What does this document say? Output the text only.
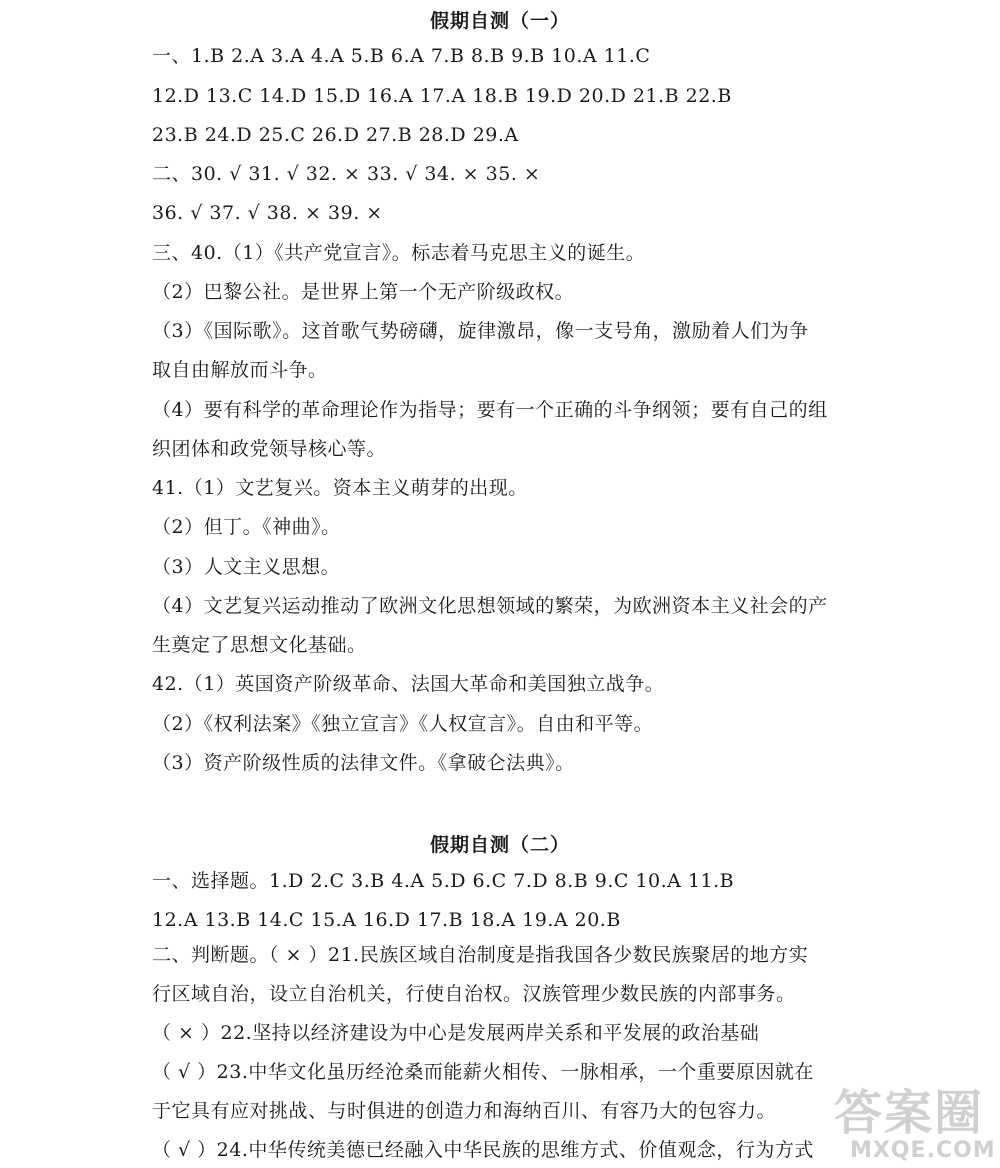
假期自测（一）
一、1.B 2.A 3.A 4.A 5.B 6.A 7.B 8.B 9.B 10.A 11.C
12.D 13.C 14.D 15.D 16.A 17.A 18.B 19.D 20.D 21.B 22.B
23.B 24.D 25.C 26.D 27.B 28.D 29.A
二、30. √ 31. √ 32. × 33. √ 34. × 35. ×
36. √ 37. √ 38. × 39. ×
三、40.（1）《共产党宣言》。标志着马克思主义的诞生。
（2）巴黎公社。是世界上第一个无产阶级政权。
（3）《国际歌》。这首歌气势磅礴，旋律激昂，像一支号角，激励着人们为争
取自由解放而斗争。
（4）要有科学的革命理论作为指导；要有一个正确的斗争纲领；要有自己的组
织团体和政党领导核心等。
41.（1）文艺复兴。资本主义萌芽的出现。
（2）但丁。《神曲》。
（3）人文主义思想。
（4）文艺复兴运动推动了欧洲文化思想领域的繁荣，为欧洲资本主义社会的产
生奠定了思想文化基础。
42.（1）英国资产阶级革命、法国大革命和美国独立战争。
（2）《权利法案》《独立宣言》《人权宣言》。自由和平等。
（3）资产阶级性质的法律文件。《拿破仑法典》。
假期自测（二）
一、选择题。1.D 2.C 3.B 4.A 5.D 6.C 7.D 8.B 9.C 10.A 11.B
12.A 13.B 14.C 15.A 16.D 17.B 18.A 19.A 20.B
二、判断题。（ × ）21.民族区域自治制度是指我国各少数民族聚居的地方实
行区域自治，设立自治机关，行使自治权。汉族管理少数民族的内部事务。
（ × ）22.坚持以经济建设为中心是发展两岸关系和平发展的政治基础
（ √ ）23.中华文化虽历经沧桑而能薪火相传、一脉相承，一个重要原因就在
于它具有应对挑战、与时俱进的创造力和海纳百川、有容乃大的包容力。
（ √ ）24.中华传统美德已经融入中华民族的思维方式、价值观念，行为方式
答案圈
MXQE.COM
